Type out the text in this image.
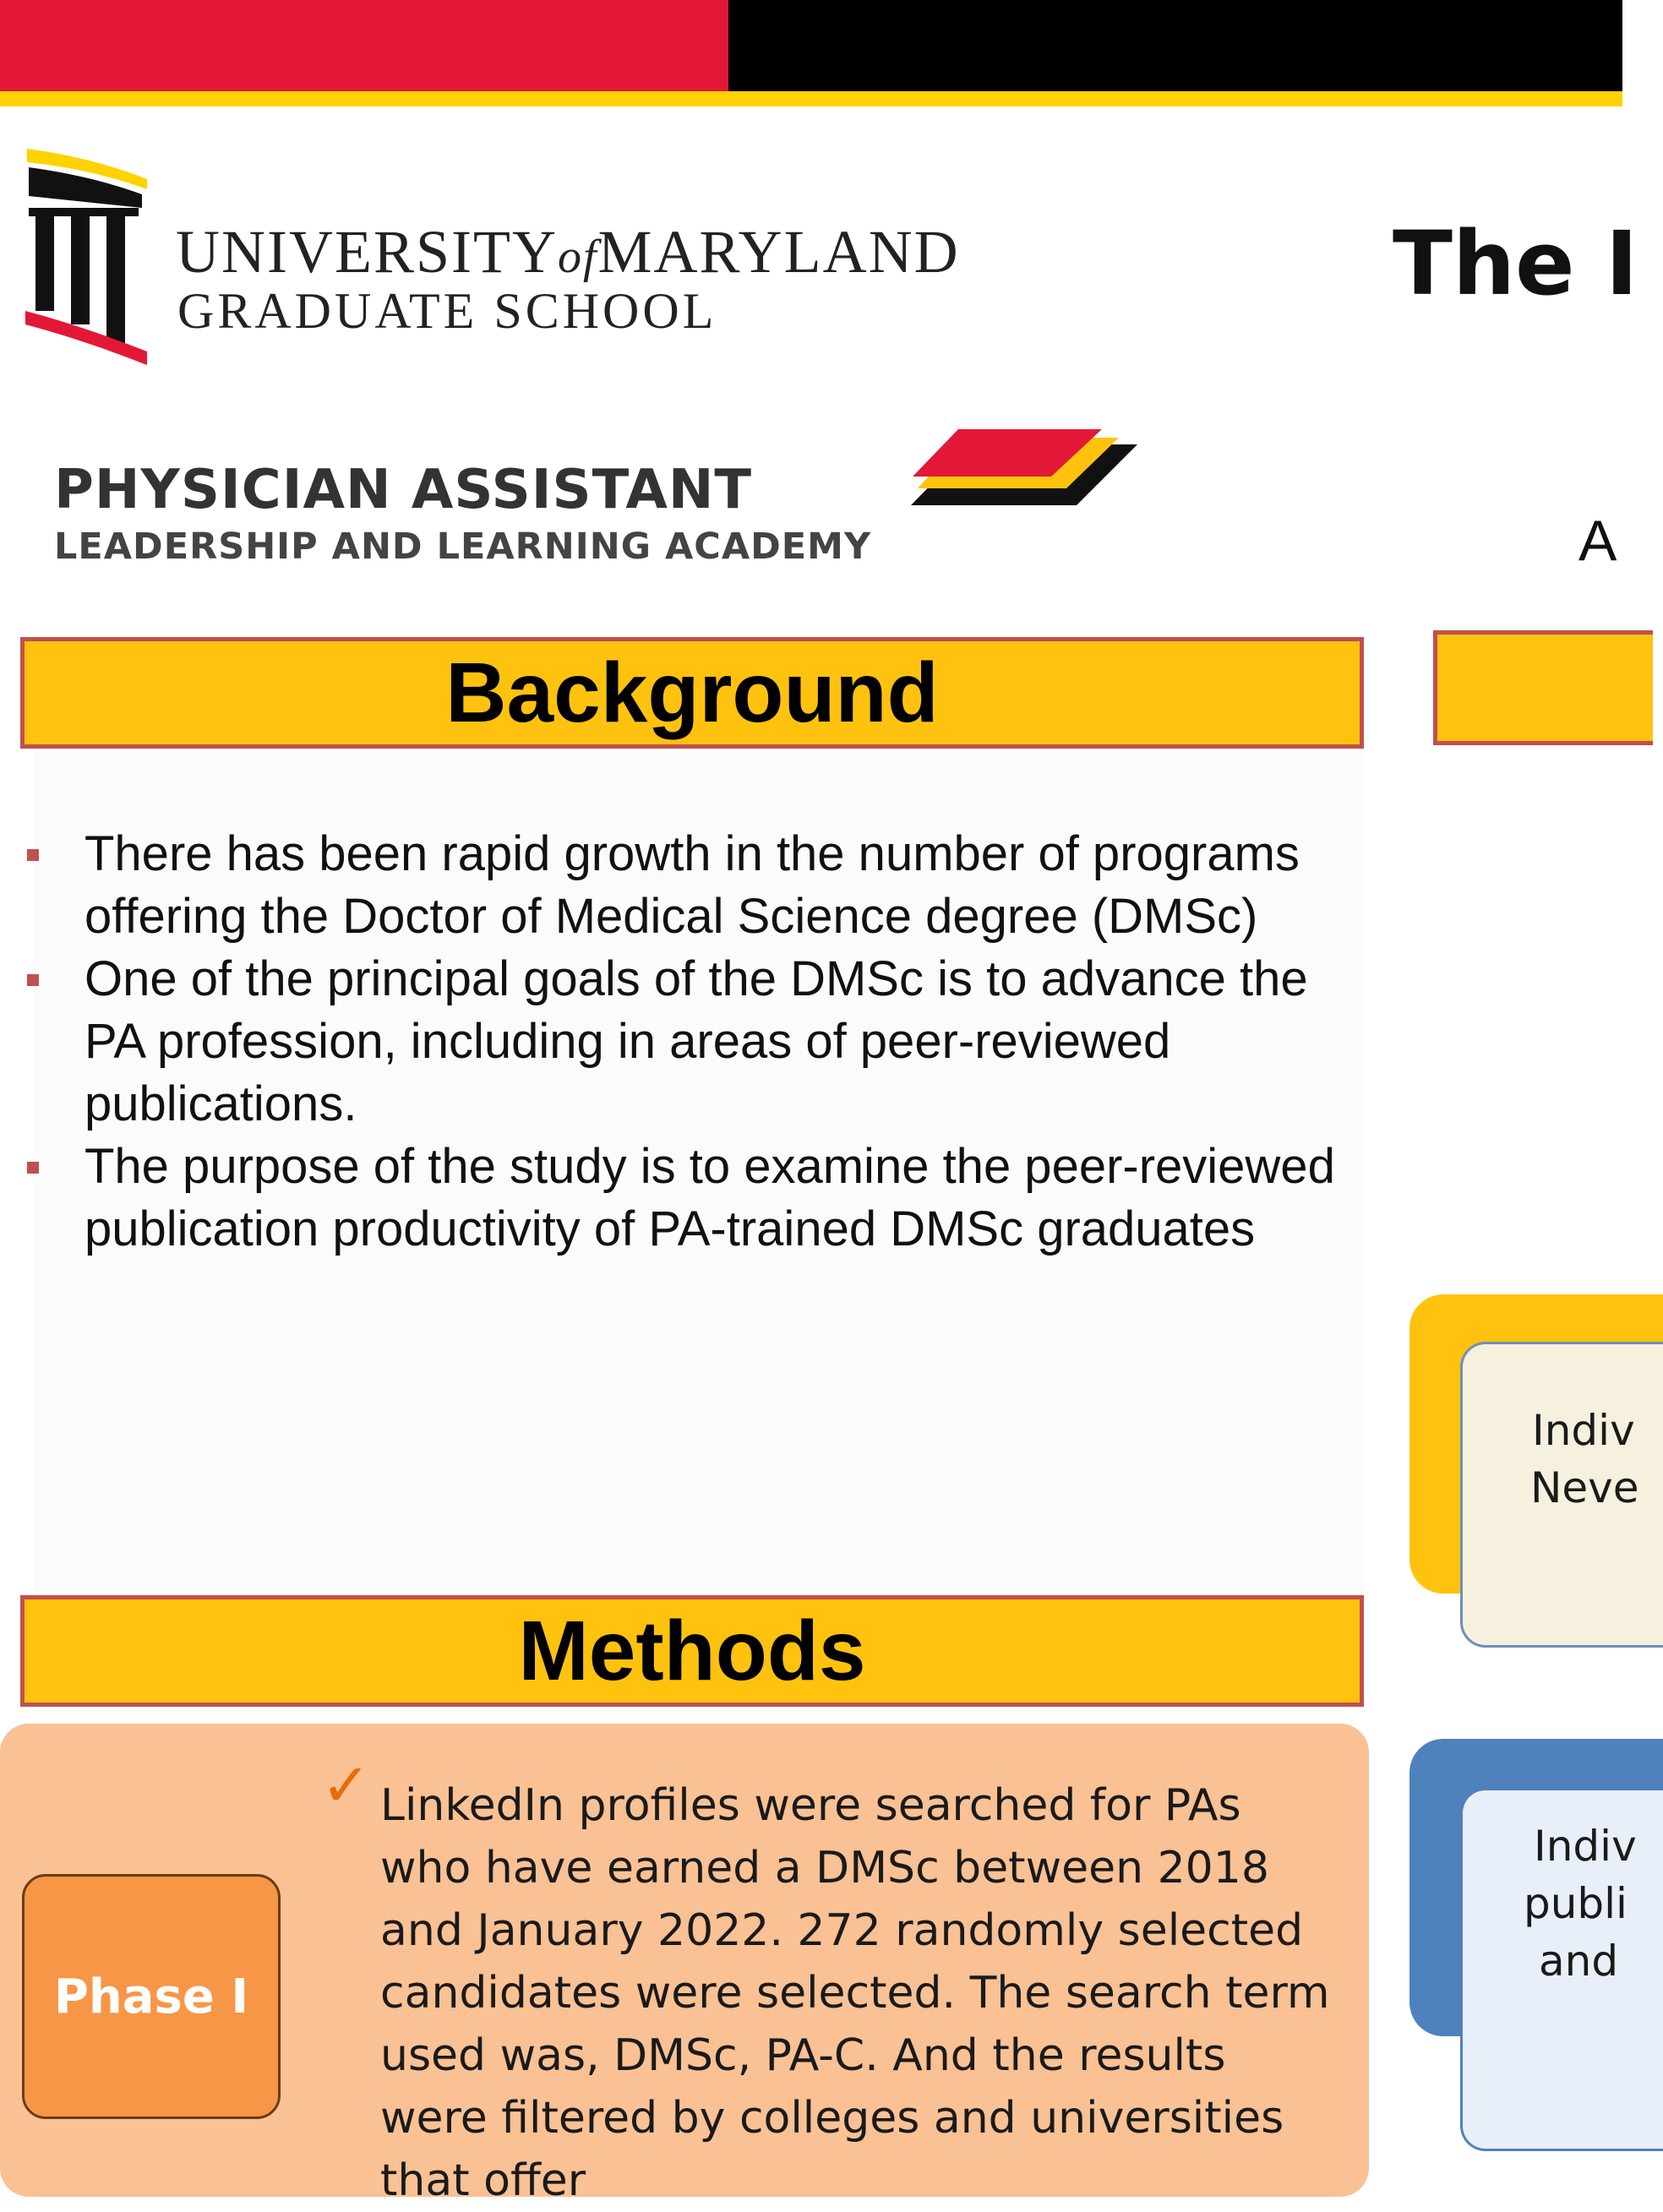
UNIVERSITYofMARYLAND
GRADUATE SCHOOL
PHYSICIAN ASSISTANT
LEADERSHIP AND LEARNING ACADEMY
The I
A
Background
There has been rapid growth in the number of programs offering the Doctor of Medical Science degree (DMSc)
One of the principal goals of the DMSc is to advance the PA profession, including in areas of peer-reviewed publications.
The purpose of the study is to examine the peer-reviewed publication productivity of PA-trained DMSc graduates
Indiv
Neve
Indiv
publi
and
Methods
Phase I
✓ LinkedIn profiles were searched for PAs who have earned a DMSc between 2018 and January 2022. 272 randomly selected candidates were selected. The search term used was, DMSc, PA-C. And the results were filtered by colleges and universities that offer
